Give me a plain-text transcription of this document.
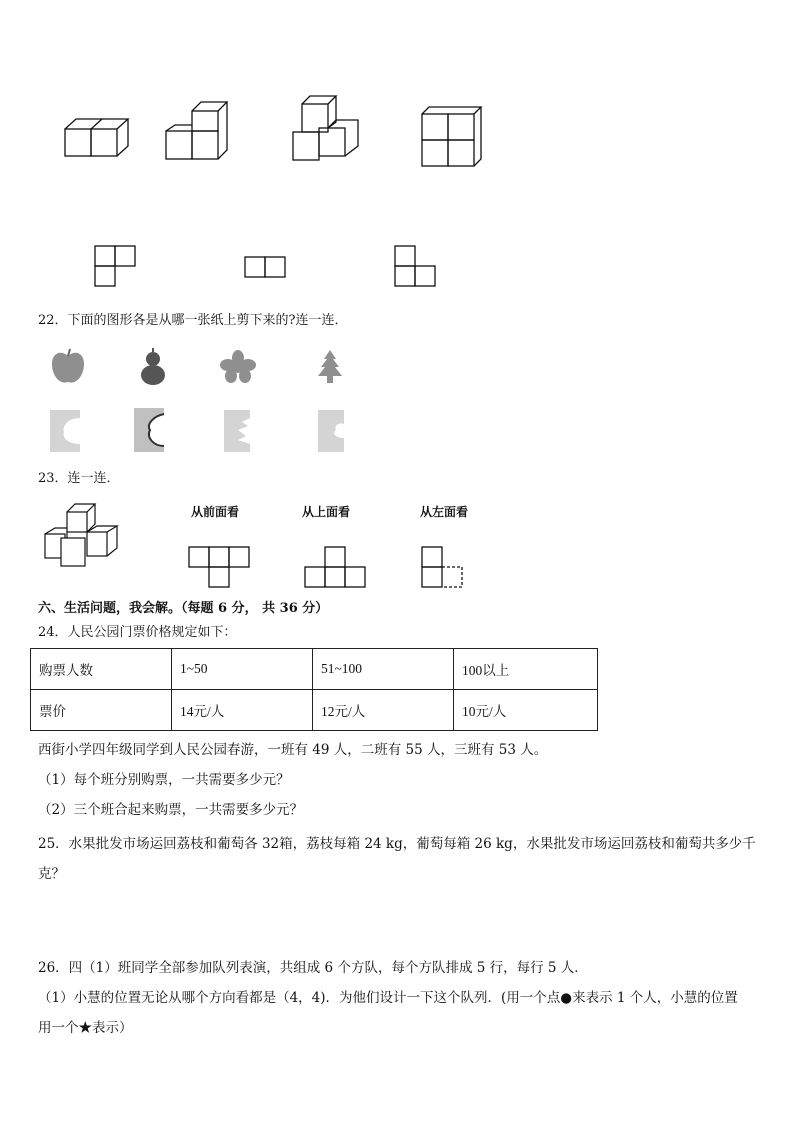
22．下面的图形各是从哪一张纸上剪下来的?连一连．
23．连一连．
从前面看	从上面看	从左面看
六、生活问题，我会解。（每题 6 分， 共 36 分）
24．人民公园门票价格规定如下：
购票人数	1~50	51~100	100以上
票价	14元/人	12元/人	10元/人
西街小学四年级同学到人民公园春游，一班有 49 人，二班有 55 人，三班有 53 人。
（1）每个班分别购票，一共需要多少元？
（2）三个班合起来购票，一共需要多少元？
25．水果批发市场运回荔枝和葡萄各 32箱，荔枝每箱 24 kg，葡萄每箱 26 kg，水果批发市场运回荔枝和葡萄共多少千
克？
26．四（1）班同学全部参加队列表演，共组成 6 个方队，每个方队排成 5 行，每行 5 人．
（1）小慧的位置无论从哪个方向看都是（4，4)．为他们设计一下这个队列．(用一个点●来表示 1 个人，小慧的位置
用一个★表示）
